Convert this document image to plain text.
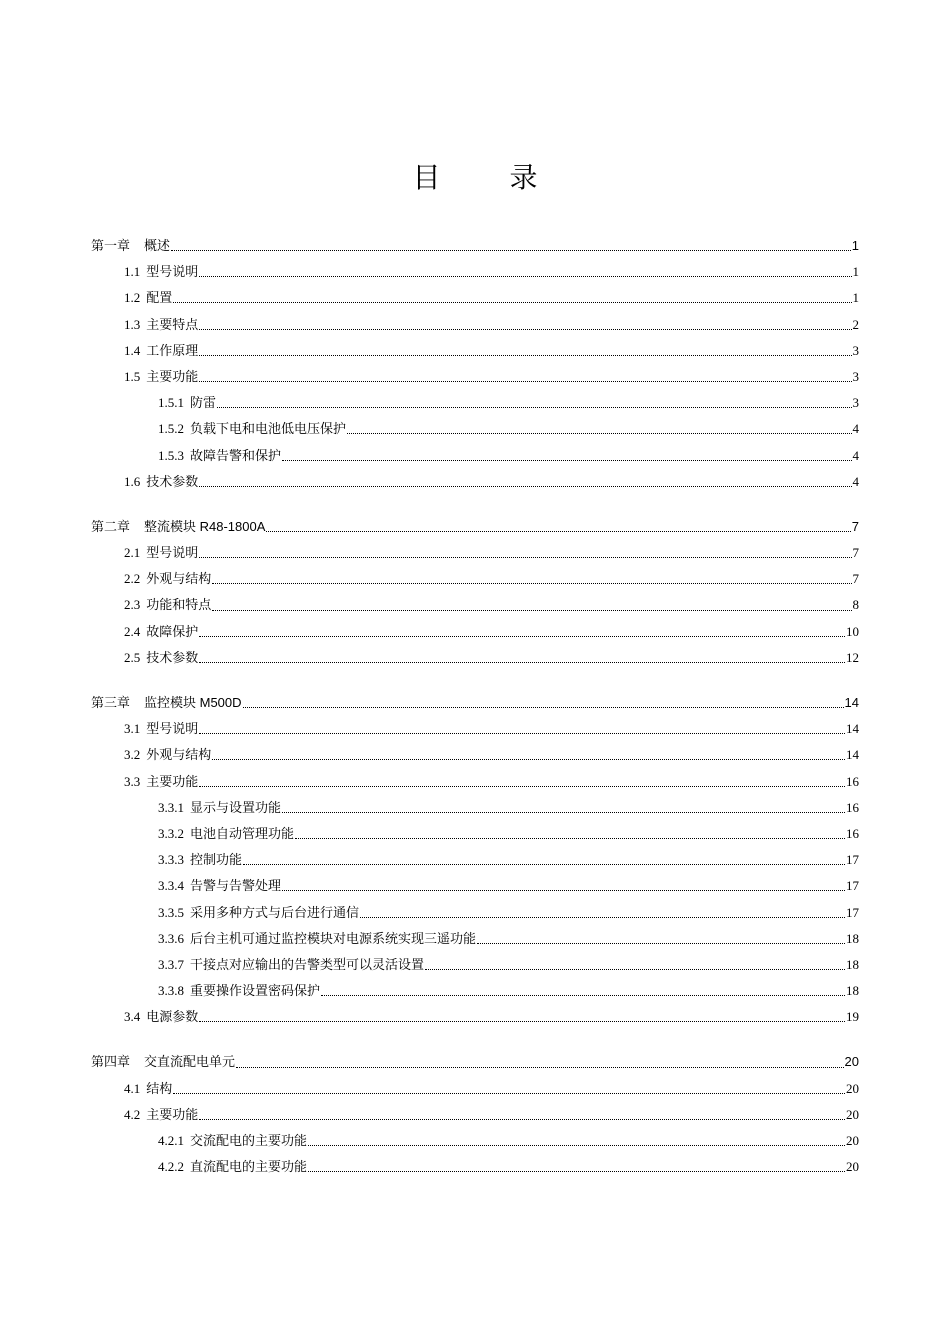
目 录
第一章 概述	1
1.1 型号说明	1
1.2 配置	1
1.3 主要特点	2
1.4 工作原理	3
1.5 主要功能	3
1.5.1 防雷	3
1.5.2 负载下电和电池低电压保护	4
1.5.3 故障告警和保护	4
1.6 技术参数	4
第二章 整流模块 R48-1800A	7
2.1 型号说明	7
2.2 外观与结构	7
2.3 功能和特点	8
2.4 故障保护	10
2.5 技术参数	12
第三章 监控模块 M500D	14
3.1 型号说明	14
3.2 外观与结构	14
3.3 主要功能	16
3.3.1 显示与设置功能	16
3.3.2 电池自动管理功能	16
3.3.3 控制功能	17
3.3.4 告警与告警处理	17
3.3.5 采用多种方式与后台进行通信	17
3.3.6 后台主机可通过监控模块对电源系统实现三遥功能	18
3.3.7 干接点对应输出的告警类型可以灵活设置	18
3.3.8 重要操作设置密码保护	18
3.4 电源参数	19
第四章 交直流配电单元	20
4.1 结构	20
4.2 主要功能	20
4.2.1 交流配电的主要功能	20
4.2.2 直流配电的主要功能	20
